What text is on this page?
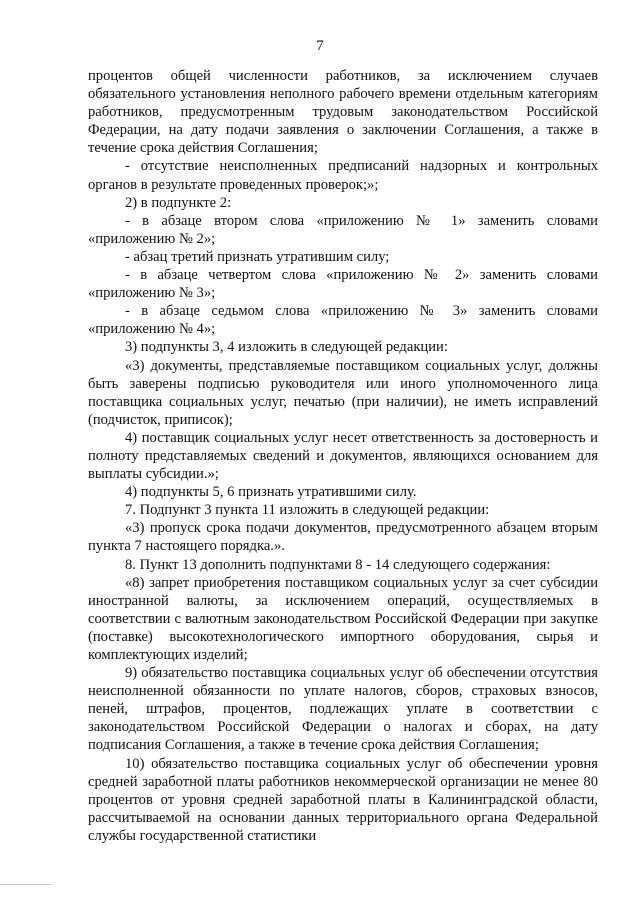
7

процентов общей численности работников, за исключением случаев обязательного установления неполного рабочего времени отдельным категориям работников, предусмотренным трудовым законодательством Российской Федерации, на дату подачи заявления о заключении Соглашения, а также в течение срока действия Соглашения;

- отсутствие неисполненных предписаний надзорных и контрольных органов в результате проведенных проверок;»;

2) в подпункте 2:

- в абзаце втором слова «приложению № 1» заменить словами «приложению № 2»;

- абзац третий признать утратившим силу;

- в абзаце четвертом слова «приложению № 2» заменить словами «приложению № 3»;

- в абзаце седьмом слова «приложению № 3» заменить словами «приложению № 4»;

3) подпункты 3, 4 изложить в следующей редакции:

«3) документы, представляемые поставщиком социальных услуг, должны быть заверены подписью руководителя или иного уполномоченного лица поставщика социальных услуг, печатью (при наличии), не иметь исправлений (подчисток, приписок);

4) поставщик социальных услуг несет ответственность за достоверность и полноту представляемых сведений и документов, являющихся основанием для выплаты субсидии.»;

4) подпункты 5, 6 признать утратившими силу.

7. Подпункт 3 пункта 11 изложить в следующей редакции:

«3) пропуск срока подачи документов, предусмотренного абзацем вторым пункта 7 настоящего порядка.».

8. Пункт 13 дополнить подпунктами 8 - 14 следующего содержания:

«8) запрет приобретения поставщиком социальных услуг за счет субсидии иностранной валюты, за исключением операций, осуществляемых в соответствии с валютным законодательством Российской Федерации при закупке (поставке) высокотехнологического импортного оборудования, сырья и комплектующих изделий;

9) обязательство поставщика социальных услуг об обеспечении отсутствия неисполненной обязанности по уплате налогов, сборов, страховых взносов, пеней, штрафов, процентов, подлежащих уплате в соответствии с законодательством Российской Федерации о налогах и сборах, на дату подписания Соглашения, а также в течение срока действия Соглашения;

10) обязательство поставщика социальных услуг об обеспечении уровня средней заработной платы работников некоммерческой организации не менее 80 процентов от уровня средней заработной платы в Калининградской области, рассчитываемой на основании данных территориального органа Федеральной службы государственной статистики
